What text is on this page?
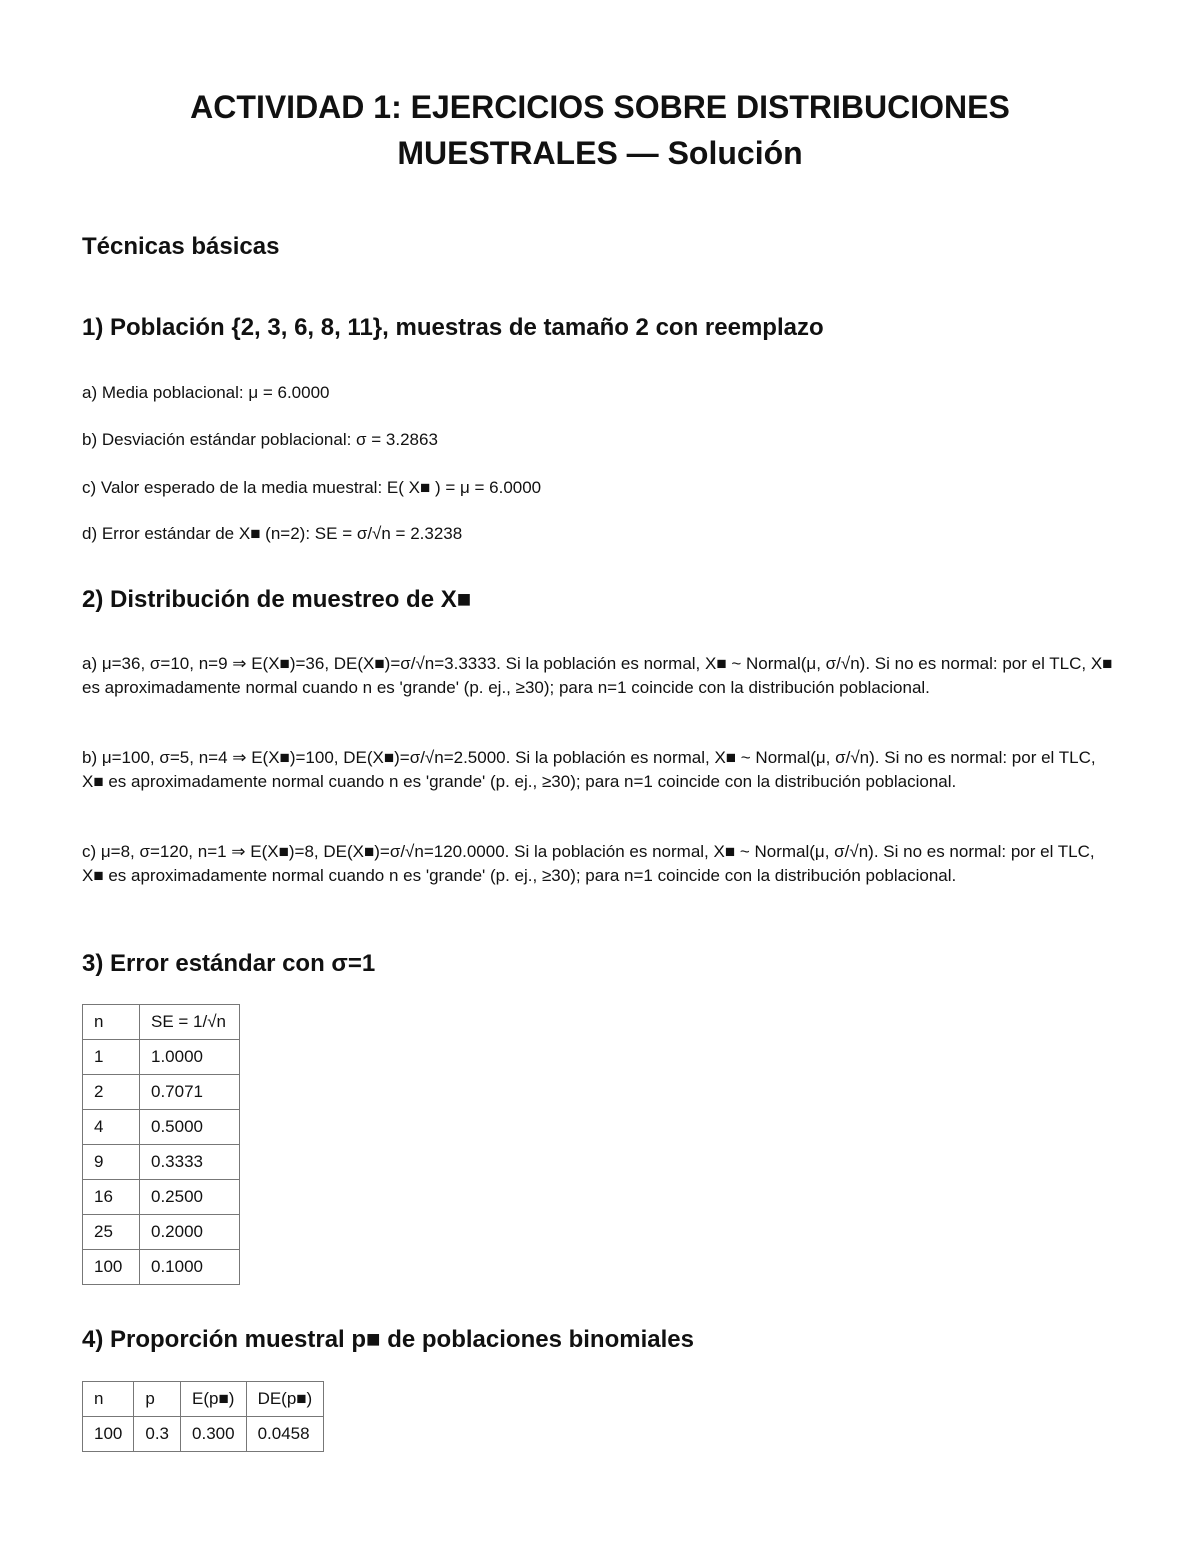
ACTIVIDAD 1: EJERCICIOS SOBRE DISTRIBUCIONES
MUESTRALES — Solución
Técnicas básicas
1) Población {2, 3, 6, 8, 11}, muestras de tamaño 2 con reemplazo

a) Media poblacional: μ = 6.0000

b) Desviación estándar poblacional: σ = 3.2863

c) Valor esperado de la media muestral: E( X■ ) = μ = 6.0000

d) Error estándar de X■ (n=2): SE = σ/√n = 2.3238

2) Distribución de muestreo de X■

a) μ=36, σ=10, n=9 ⇒ E(X■)=36, DE(X■)=σ/√n=3.3333. Si la población es normal, X■ ~ Normal(μ, σ/√n). Si no es normal: por el TLC, X■ es aproximadamente normal cuando n es 'grande' (p. ej., ≥30); para n=1 coincide con la distribución poblacional.

b) μ=100, σ=5, n=4 ⇒ E(X■)=100, DE(X■)=σ/√n=2.5000. Si la población es normal, X■ ~ Normal(μ, σ/√n). Si no es normal: por el TLC, X■ es aproximadamente normal cuando n es 'grande' (p. ej., ≥30); para n=1 coincide con la distribución poblacional.

c) μ=8, σ=120, n=1 ⇒ E(X■)=8, DE(X■)=σ/√n=120.0000. Si la población es normal, X■ ~ Normal(μ, σ/√n). Si no es normal: por el TLC, X■ es aproximadamente normal cuando n es 'grande' (p. ej., ≥30); para n=1 coincide con la distribución poblacional.

3) Error estándar con σ=1
n	SE = 1/√n
1	1.0000
2	0.7071
4	0.5000
9	0.3333
16	0.2500
25	0.2000
100	0.1000
4) Proporción muestral p■ de poblaciones binomiales
n	p	E(p■)	DE(p■)
100	0.3	0.300	0.0458
